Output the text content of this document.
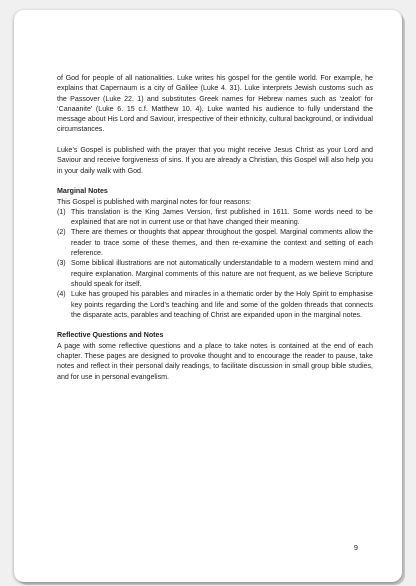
of God for people of all nationalities. Luke writes his gospel for the gentile world. For example, he explains that Capernaum is a city of Galilee (Luke 4. 31). Luke interprets Jewish customs such as the Passover (Luke 22. 1) and substitutes Greek names for Hebrew names such as ‘zealot’ for ‘Canaanite’ (Luke 6. 15 c.f. Matthew 10. 4). Luke wanted his audience to fully understand the message about His Lord and Saviour, irrespective of their ethnicity, cultural background, or individual circumstances.

Luke’s Gospel is published with the prayer that you might receive Jesus Christ as your Lord and Saviour and receive forgiveness of sins. If you are already a Christian, this Gospel will also help you in your daily walk with God.

Marginal Notes

This Gospel is published with marginal notes for four reasons:

(1) This translation is the King James Version, first published in 1611. Some words need to be explained that are not in current use or that have changed their meaning.
(2) There are themes or thoughts that appear throughout the gospel. Marginal comments allow the reader to trace some of these themes, and then re-examine the context and setting of each reference.
(3) Some biblical illustrations are not automatically understandable to a modern western mind and require explanation. Marginal comments of this nature are not frequent, as we believe Scripture should speak for itself.
(4) Luke has grouped his parables and miracles in a thematic order by the Holy Spirit to emphasise key points regarding the Lord’s teaching and life and some of the golden threads that connects the disparate acts, parables and teaching of Christ are expanded upon in the marginal notes.
Reflective Questions and Notes

A page with some reflective questions and a place to take notes is contained at the end of each chapter. These pages are designed to provoke thought and to encourage the reader to pause, take notes and reflect in their personal daily readings, to facilitate discussion in small group bible studies, and for use in personal evangelism.

9
